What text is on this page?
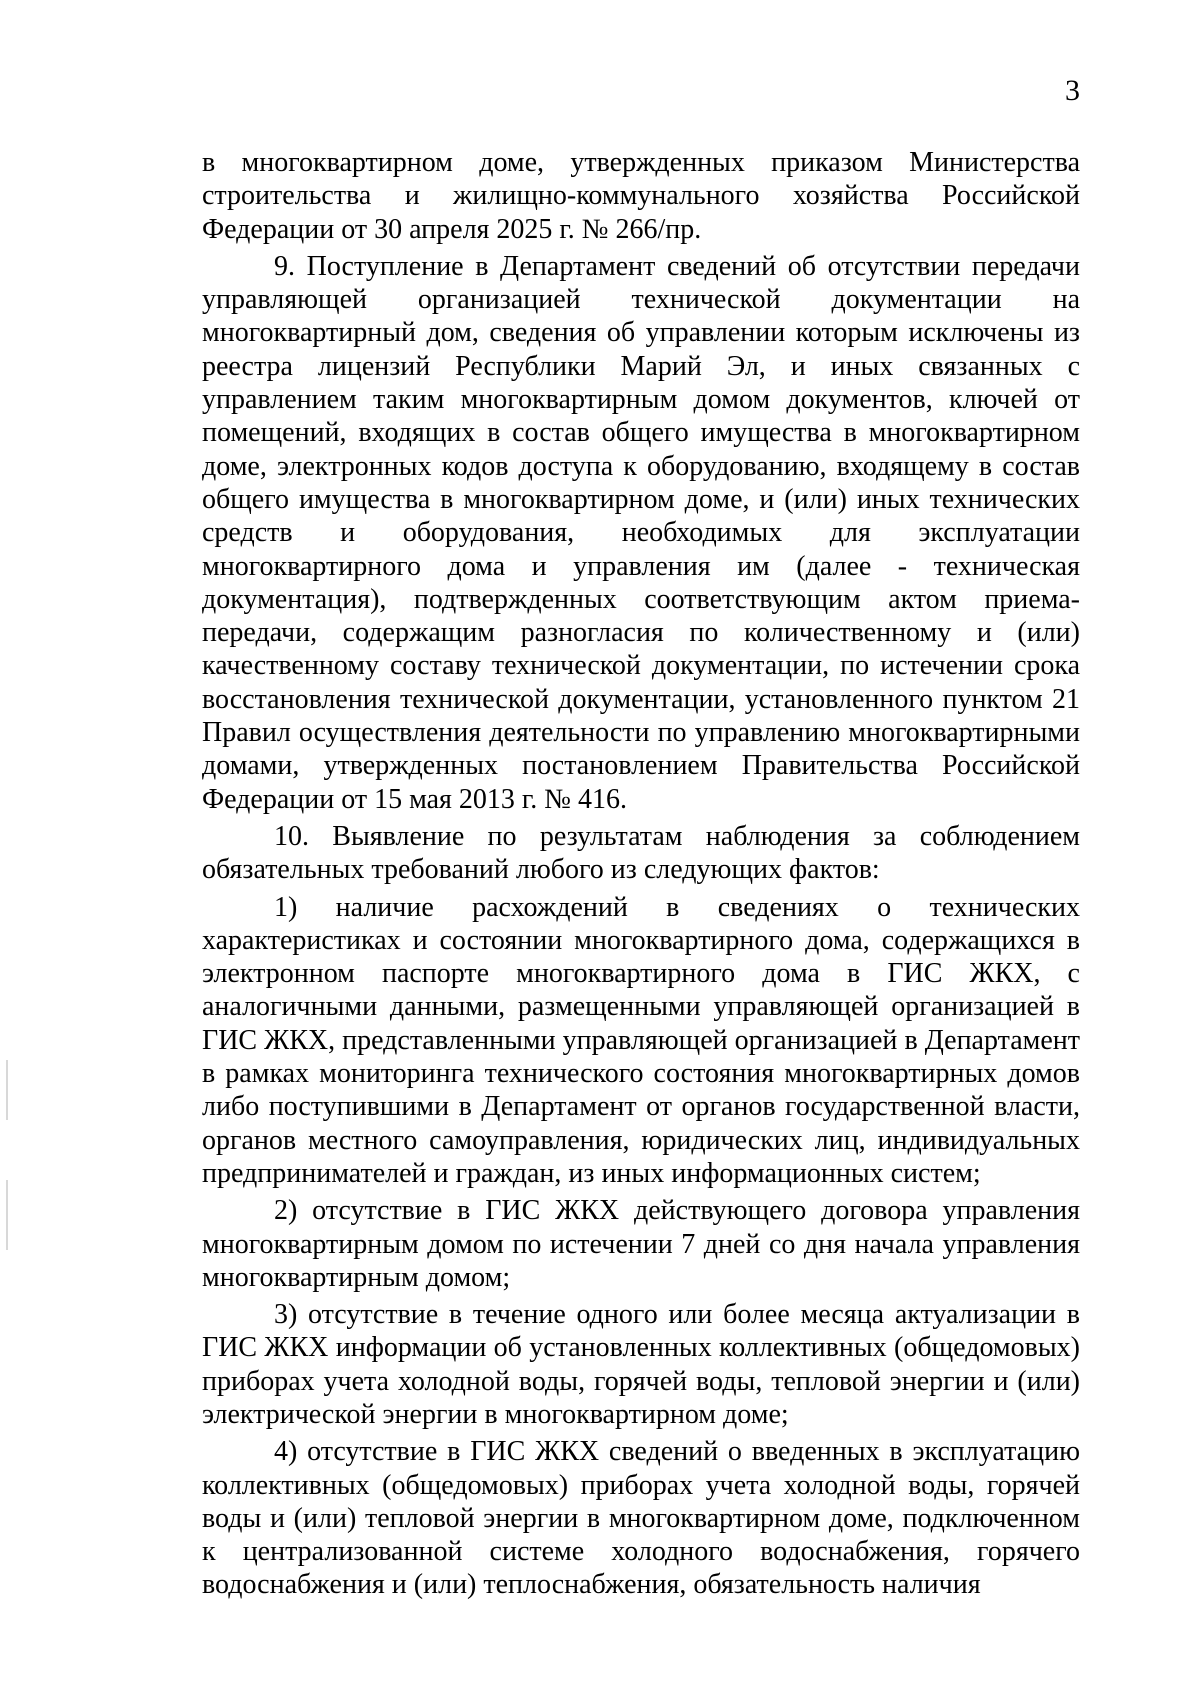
3

в многоквартирном доме, утвержденных приказом Министерства строительства и жилищно-коммунального хозяйства Российской Федерации от 30 апреля 2025 г. № 266/пр.

9. Поступление в Департамент сведений об отсутствии передачи управляющей организацией технической документации на многоквартирный дом, сведения об управлении которым исключены из реестра лицензий Республики Марий Эл, и иных связанных с управлением таким многоквартирным домом документов, ключей от помещений, входящих в состав общего имущества в многоквартирном доме, электронных кодов доступа к оборудованию, входящему в состав общего имущества в многоквартирном доме, и (или) иных технических средств и оборудования, необходимых для эксплуатации многоквартирного дома и управления им (далее - техническая документация), подтвержденных соответствующим актом приема-передачи, содержащим разногласия по количественному и (или) качественному составу технической документации, по истечении срока восстановления технической документации, установленного пунктом 21 Правил осуществления деятельности по управлению многоквартирными домами, утвержденных постановлением Правительства Российской Федерации от 15 мая 2013 г. № 416.

10. Выявление по результатам наблюдения за соблюдением обязательных требований любого из следующих фактов:

1) наличие расхождений в сведениях о технических характеристиках и состоянии многоквартирного дома, содержащихся в электронном паспорте многоквартирного дома в ГИС ЖКХ, с аналогичными данными, размещенными управляющей организацией в ГИС ЖКХ, представленными управляющей организацией в Департамент в рамках мониторинга технического состояния многоквартирных домов либо поступившими в Департамент от органов государственной власти, органов местного самоуправления, юридических лиц, индивидуальных предпринимателей и граждан, из иных информационных систем;

2) отсутствие в ГИС ЖКХ действующего договора управления многоквартирным домом по истечении 7 дней со дня начала управления многоквартирным домом;

3) отсутствие в течение одного или более месяца актуализации в ГИС ЖКХ информации об установленных коллективных (общедомовых) приборах учета холодной воды, горячей воды, тепловой энергии и (или) электрической энергии в многоквартирном доме;

4) отсутствие в ГИС ЖКХ сведений о введенных в эксплуатацию коллективных (общедомовых) приборах учета холодной воды, горячей воды и (или) тепловой энергии в многоквартирном доме, подключенном к централизованной системе холодного водоснабжения, горячего водоснабжения и (или) теплоснабжения, обязательность наличия
